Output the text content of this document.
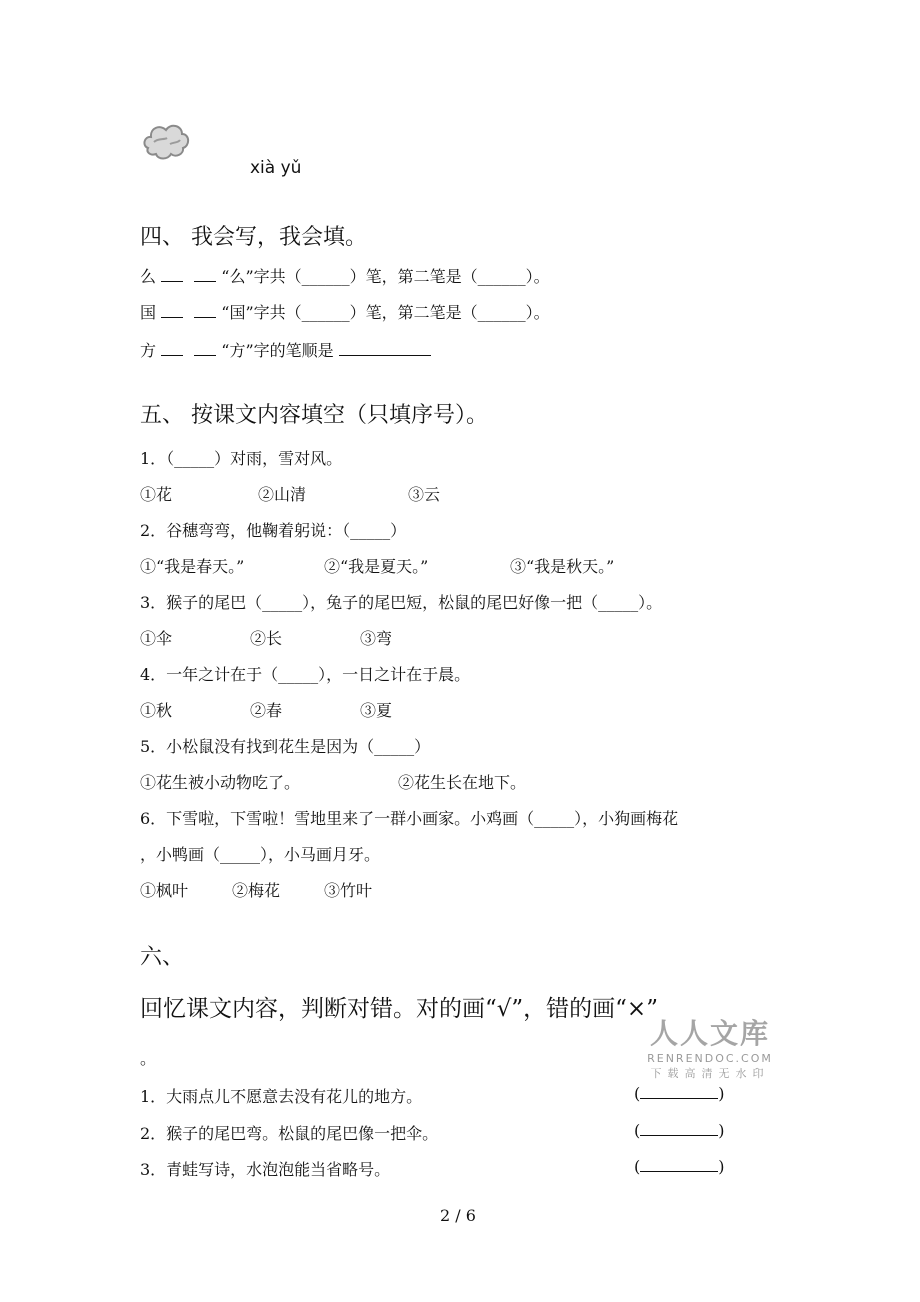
xià yǔ
四、 我会写，我会填。
么	“么”字共（______）笔，第二笔是（______）。
国	“国”字共（______）笔，第二笔是（______）。
方	“方”字的笔顺是
五、 按课文内容填空（只填序号）。
1．（_____）对雨，雪对风。
①花	②山清	③云
2．谷穗弯弯，他鞠着躬说：（_____）
①“我是春天。”	②“我是夏天。”	③“我是秋天。”
3．猴子的尾巴（_____），兔子的尾巴短，松鼠的尾巴好像一把（_____）。
①伞	②长	③弯
4．一年之计在于（_____），一日之计在于晨。
①秋	②春	③夏
5．小松鼠没有找到花生是因为（_____）
①花生被小动物吃了。	②花生长在地下。
6．下雪啦，下雪啦！雪地里来了一群小画家。小鸡画（_____），小狗画梅花
，小鸭画（_____），小马画月牙。
①枫叶	②梅花	③竹叶
六、
回忆课文内容，判断对错。对的画“√”，错的画“×”
。
人人文库
RENRENDOC.COM
下载高清无水印
1．大雨点儿不愿意去没有花儿的地方。	(	)
2．猴子的尾巴弯。松鼠的尾巴像一把伞。	(	)
3．青蛙写诗，水泡泡能当省略号。	(	)
2 / 6
